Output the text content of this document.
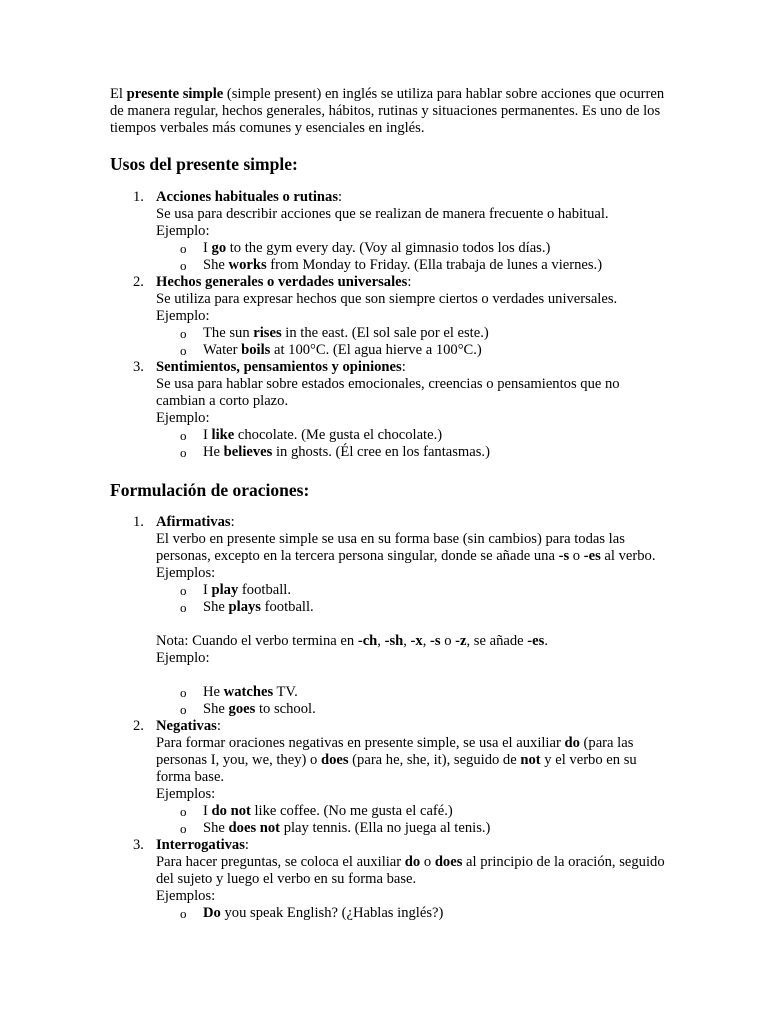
El presente simple (simple present) en inglés se utiliza para hablar sobre acciones que ocurren de manera regular, hechos generales, hábitos, rutinas y situaciones permanentes. Es uno de los tiempos verbales más comunes y esenciales en inglés.

Usos del presente simple:
1. Acciones habituales o rutinas:
Se usa para describir acciones que se realizan de manera frecuente o habitual.
Ejemplo:
o I go to the gym every day. (Voy al gimnasio todos los días.)
o She works from Monday to Friday. (Ella trabaja de lunes a viernes.)
2. Hechos generales o verdades universales:
Se utiliza para expresar hechos que son siempre ciertos o verdades universales.
Ejemplo:
o The sun rises in the east. (El sol sale por el este.)
o Water boils at 100°C. (El agua hierve a 100°C.)
3. Sentimientos, pensamientos y opiniones:
Se usa para hablar sobre estados emocionales, creencias o pensamientos que no cambian a corto plazo.
Ejemplo:
o I like chocolate. (Me gusta el chocolate.)
o He believes in ghosts. (Él cree en los fantasmas.)
Formulación de oraciones:
1. Afirmativas:
El verbo en presente simple se usa en su forma base (sin cambios) para todas las personas, excepto en la tercera persona singular, donde se añade una -s o -es al verbo.
Ejemplos:
o I play football.
o She plays football.
Nota: Cuando el verbo termina en -ch, -sh, -x, -s o -z, se añade -es.
Ejemplo:
o He watches TV.
o She goes to school.
2. Negativas:
Para formar oraciones negativas en presente simple, se usa el auxiliar do (para las personas I, you, we, they) o does (para he, she, it), seguido de not y el verbo en su forma base.
Ejemplos:
o I do not like coffee. (No me gusta el café.)
o She does not play tennis. (Ella no juega al tenis.)
3. Interrogativas:
Para hacer preguntas, se coloca el auxiliar do o does al principio de la oración, seguido del sujeto y luego el verbo en su forma base.
Ejemplos:
o Do you speak English? (¿Hablas inglés?)
